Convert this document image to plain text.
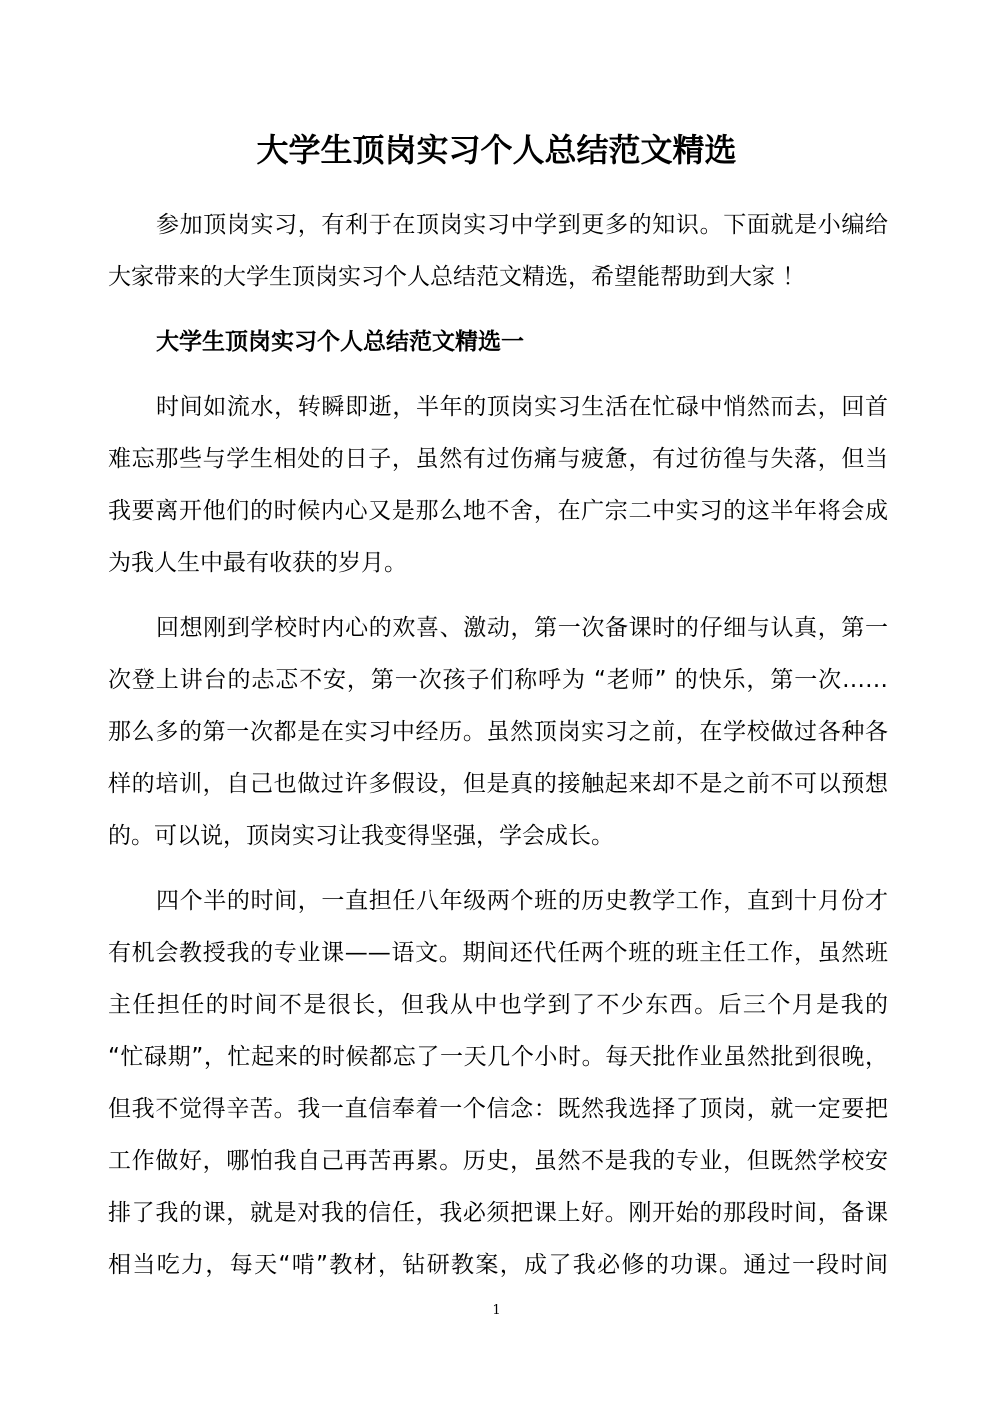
大学生顶岗实习个人总结范文精选
参加顶岗实习，有利于在顶岗实习中学到更多的知识。下面就是小编给
大家带来的大学生顶岗实习个人总结范文精选，希望能帮助到大家 ！
大学生顶岗实习个人总结范文精选一
时间如流水，转瞬即逝，半年的顶岗实习生活在忙碌中悄然而去，回首
难忘那些与学生相处的日子，虽然有过伤痛与疲惫，有过彷徨与失落，但当
我要离开他们的时候内心又是那么地不舍，在广宗二中实习的这半年将会成
为我人生中最有收获的岁月。
回想刚到学校时内心的欢喜、激动，第一次备课时的仔细与认真，第一
次登上讲台的忐忑不安，第一次孩子们称呼为 “老师” 的快乐，第一次……
那么多的第一次都是在实习中经历。虽然顶岗实习之前，在学校做过各种各
样的培训，自己也做过许多假设，但是真的接触起来却不是之前不可以预想
的。可以说，顶岗实习让我变得坚强，学会成长。
四个半的时间，一直担任八年级两个班的历史教学工作，直到十月份才
有机会教授我的专业课——语文。期间还代任两个班的班主任工作，虽然班
主任担任的时间不是很长，但我从中也学到了不少东西。后三个月是我的
“忙碌期”，忙起来的时候都忘了一天几个小时。每天批作业虽然批到很晚，
但我不觉得辛苦。我一直信奉着一个信念：既然我选择了顶岗，就一定要把
工作做好，哪怕我自己再苦再累。历史，虽然不是我的专业，但既然学校安
排了我的课，就是对我的信任，我必须把课上好。刚开始的那段时间，备课
相当吃力，每天“啃”教材，钻研教案，成了我必修的功课。通过一段时间
1
